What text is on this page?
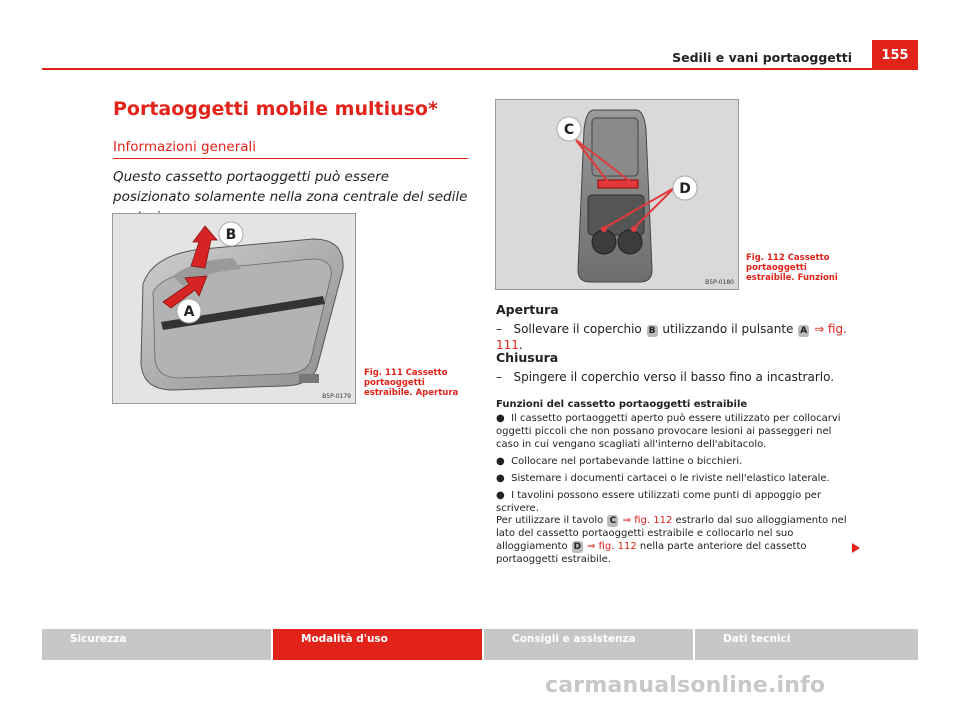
Sedili e vani portaoggetti	155
Portaoggetti mobile multiuso*
Informazioni generali
Questo cassetto portaoggetti può essere posizionato solamente nella zona centrale del sedile
A
B
B5P-0179
Fig. 111 Cassetto portaoggetti estraibile. Apertura
C
D
B5P-0180
Fig. 112 Cassetto portaoggetti estraibile. Funzioni
Apertura
– Sollevare il coperchio B utilizzando il pulsante A ⇒ fig. 111.
Chiusura
– Spingere il coperchio verso il basso fino a incastrarlo.
Funzioni del cassetto portaoggetti estraibile
●  Il cassetto portaoggetti aperto può essere utilizzato per collocarvi oggetti piccoli che non possano provocare lesioni ai passeggeri nel caso in cui vengano scagliati all'interno dell'abitacolo.
●  Collocare nel portabevande lattine o bicchieri.
●  Sistemare i documenti cartacei o le riviste nell'elastico laterale.
●  I tavolini possono essere utilizzati come punti di appoggio per scrivere.
Per utilizzare il tavolo C ⇒ fig. 112 estrarlo dal suo alloggiamento nel lato del cassetto portaoggetti estraibile e collocarlo nel suo alloggiamento D ⇒ fig. 112 nella parte anteriore del cassetto portaoggetti estraibile.
Sicurezza	Modalità d'uso	Consigli e assistenza	Dati tecnici
carmanualsonline.info
